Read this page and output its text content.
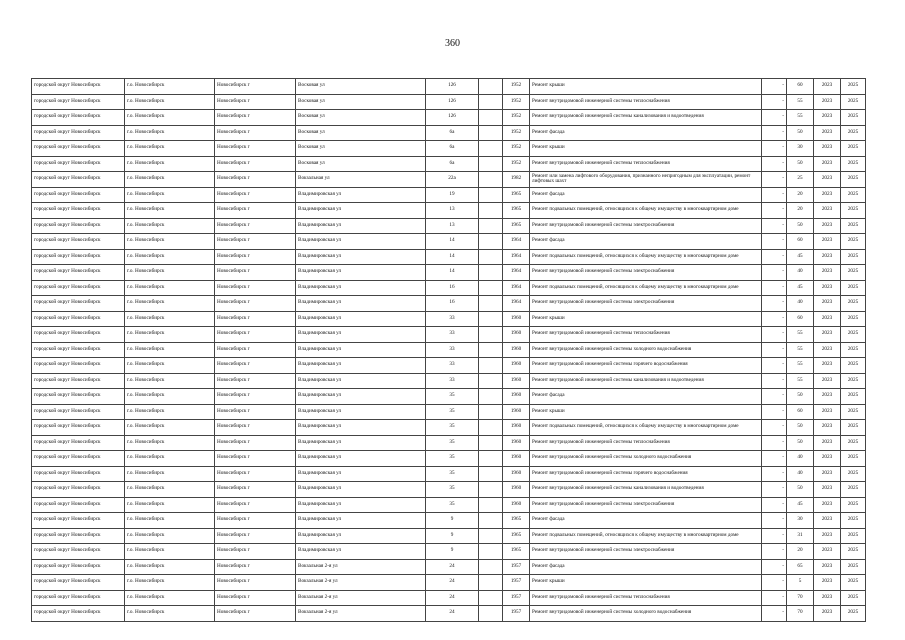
360
городской округ Новосибирск	г.о. Новосибирск	Новосибирск г	Восковая ул	126		1952	Ремонт крыши	-	60	2023	2025
городской округ Новосибирск	г.о. Новосибирск	Новосибирск г	Восковая ул	126		1952	Ремонт внутридомовой инженерной системы теплоснабжения	-	55	2023	2025
городской округ Новосибирск	г.о. Новосибирск	Новосибирск г	Восковая ул	126		1952	Ремонт внутридомовой инженерной системы канализования и водоотведения	-	55	2023	2025
городской округ Новосибирск	г.о. Новосибирск	Новосибирск г	Восковая ул	6а		1952	Ремонт фасада	-	50	2023	2025
городской округ Новосибирск	г.о. Новосибирск	Новосибирск г	Восковая ул	6а		1952	Ремонт крыши	-	30	2023	2025
городской округ Новосибирск	г.о. Новосибирск	Новосибирск г	Восковая ул	6а		1952	Ремонт внутридомовой инженерной системы теплоснабжения	-	50	2023	2025
городской округ Новосибирск	г.о. Новосибирск	Новосибирск г	Вокзальная ул	22а		1982	Ремонт или замена лифтового оборудования, признанного непригодным для эксплуатации, ремонт лифтовых шахт	-	25	2023	2025
городской округ Новосибирск	г.о. Новосибирск	Новосибирск г	Владимировская ул	19		1965	Ремонт фасада	-	20	2023	2025
городской округ Новосибирск	г.о. Новосибирск	Новосибирск г	Владимировская ул	13		1965	Ремонт подвальных помещений, относящихся к общему имуществу в многоквартирном доме	-	20	2023	2025
городской округ Новосибирск	г.о. Новосибирск	Новосибирск г	Владимировская ул	13		1965	Ремонт внутридомовой инженерной системы электроснабжения	-	50	2023	2025
городской округ Новосибирск	г.о. Новосибирск	Новосибирск г	Владимировская ул	14		1964	Ремонт фасада	-	60	2023	2025
городской округ Новосибирск	г.о. Новосибирск	Новосибирск г	Владимировская ул	14		1964	Ремонт подвальных помещений, относящихся к общему имуществу в многоквартирном доме	-	45	2023	2025
городской округ Новосибирск	г.о. Новосибирск	Новосибирск г	Владимировская ул	14		1964	Ремонт внутридомовой инженерной системы электроснабжения	-	40	2023	2025
городской округ Новосибирск	г.о. Новосибирск	Новосибирск г	Владимировская ул	16		1964	Ремонт подвальных помещений, относящихся к общему имуществу в многоквартирном доме	-	45	2023	2025
городской округ Новосибирск	г.о. Новосибирск	Новосибирск г	Владимировская ул	16		1964	Ремонт внутридомовой инженерной системы электроснабжения	-	40	2023	2025
городской округ Новосибирск	г.о. Новосибирск	Новосибирск г	Владимировская ул	33		1960	Ремонт крыши	-	60	2023	2025
городской округ Новосибирск	г.о. Новосибирск	Новосибирск г	Владимировская ул	33		1960	Ремонт внутридомовой инженерной системы теплоснабжения	-	55	2023	2025
городской округ Новосибирск	г.о. Новосибирск	Новосибирск г	Владимировская ул	33		1960	Ремонт внутридомовой инженерной системы холодного водоснабжения	-	55	2023	2025
городской округ Новосибирск	г.о. Новосибирск	Новосибирск г	Владимировская ул	33		1960	Ремонт внутридомовой инженерной системы горячего водоснабжения	-	55	2023	2025
городской округ Новосибирск	г.о. Новосибирск	Новосибирск г	Владимировская ул	33		1960	Ремонт внутридомовой инженерной системы канализования и водоотведения	-	55	2023	2025
городской округ Новосибирск	г.о. Новосибирск	Новосибирск г	Владимировская ул	35		1960	Ремонт фасада	-	50	2023	2025
городской округ Новосибирск	г.о. Новосибирск	Новосибирск г	Владимировская ул	35		1960	Ремонт крыши	-	60	2023	2025
городской округ Новосибирск	г.о. Новосибирск	Новосибирск г	Владимировская ул	35		1960	Ремонт подвальных помещений, относящихся к общему имуществу в многоквартирном доме	-	50	2023	2025
городской округ Новосибирск	г.о. Новосибирск	Новосибирск г	Владимировская ул	35		1960	Ремонт внутридомовой инженерной системы теплоснабжения	-	50	2023	2025
городской округ Новосибирск	г.о. Новосибирск	Новосибирск г	Владимировская ул	35		1960	Ремонт внутридомовой инженерной системы холодного водоснабжения	-	40	2023	2025
городской округ Новосибирск	г.о. Новосибирск	Новосибирск г	Владимировская ул	35		1960	Ремонт внутридомовой инженерной системы горячего водоснабжения	-	40	2023	2025
городской округ Новосибирск	г.о. Новосибирск	Новосибирск г	Владимировская ул	35		1960	Ремонт внутридомовой инженерной системы канализования и водоотведения	-	50	2023	2025
городской округ Новосибирск	г.о. Новосибирск	Новосибирск г	Владимировская ул	35		1960	Ремонт внутридомовой инженерной системы электроснабжения	-	45	2023	2025
городской округ Новосибирск	г.о. Новосибирск	Новосибирск г	Владимировская ул	9		1965	Ремонт фасада	-	30	2023	2025
городской округ Новосибирск	г.о. Новосибирск	Новосибирск г	Владимировская ул	9		1965	Ремонт подвальных помещений, относящихся к общему имуществу в многоквартирном доме	-	31	2023	2025
городской округ Новосибирск	г.о. Новосибирск	Новосибирск г	Владимировская ул	9		1965	Ремонт внутридомовой инженерной системы электроснабжения	-	20	2023	2025
городской округ Новосибирск	г.о. Новосибирск	Новосибирск г	Вокзальная 2-я ул	24		1957	Ремонт фасада	-	65	2023	2025
городской округ Новосибирск	г.о. Новосибирск	Новосибирск г	Вокзальная 2-я ул	24		1957	Ремонт крыши	-	5	2023	2025
городской округ Новосибирск	г.о. Новосибирск	Новосибирск г	Вокзальная 2-я ул	24		1957	Ремонт внутридомовой инженерной системы теплоснабжения	-	70	2023	2025
городской округ Новосибирск	г.о. Новосибирск	Новосибирск г	Вокзальная 2-я ул	24		1957	Ремонт внутридомовой инженерной системы холодного водоснабжения	-	70	2023	2025
